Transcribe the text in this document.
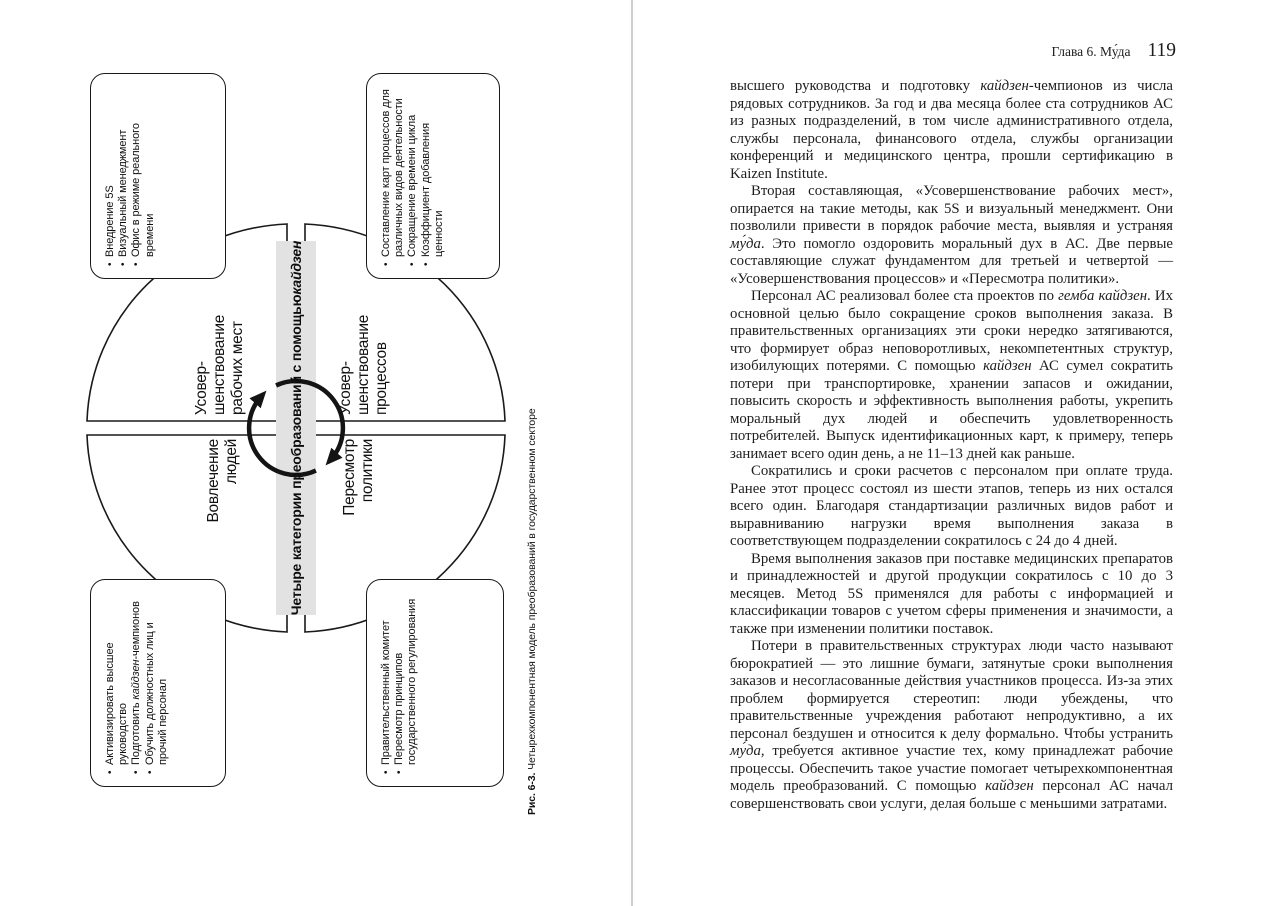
Четыре категории преобразований с помощью
кайдзен
Вовлечение
людей
Усовер-
шенствование
рабочих мест
Пересмотр
политики
Усовер-
шенствование
процессов
•
Активизировать высшее руководство
•
Подготовить кайдзен-чемпионов
•
Обучить должностных лиц и прочий персонал
•
Внедрение 5S
•
Визуальный менеджмент
•
Офис в режиме реального времени
•
Правительственный комитет
•
Пересмотр принципов государственного регулирования
•
Составление карт процессов для различных видов деятельности
•
Сокращение времени цикла
•
Коэффициент добавления ценности
Рис. 6-3. Четырехкомпонентная модель преобразований в государственном секторе
Глава 6. Му́да 119

высшего руководства и подготовку кайдзен-чемпионов из числа рядовых сотрудников. За год и два месяца более ста сотрудников АС из разных подразделений, в том числе административного отдела, службы персонала, финансового отдела, службы организации конференций и медицинского центра, прошли сертификацию в Kaizen Institute.

Вторая составляющая, «Усовершенствование рабочих мест», опирается на такие методы, как 5S и визуальный менеджмент. Они позволили привести в порядок рабочие места, выявляя и устраняя му́да. Это помогло оздоровить моральный дух в АС. Две первые составляющие служат фундаментом для третьей и четвертой — «Усовершенствования процессов» и «Пересмотра политики».

Персонал АС реализовал более ста проектов по гемба кайдзен. Их основной целью было сокращение сроков выполнения заказа. В правительственных организациях эти сроки нередко затягиваются, что формирует образ неповоротливых, некомпетентных структур, изобилующих потерями. С помощью кайдзен АС сумел сократить потери при транспортировке, хранении запасов и ожидании, повысить скорость и эффективность выполнения работы, укрепить моральный дух людей и обеспечить удовлетворенность потребителей. Выпуск идентификационных карт, к примеру, теперь занимает всего один день, а не 11–13 дней как раньше.

Сократились и сроки расчетов с персоналом при оплате труда. Ранее этот процесс состоял из шести этапов, теперь из них остался всего один. Благодаря стандартизации различных видов работ и выравниванию нагрузки время выполнения заказа в соответствующем подразделении сократилось с 24 до 4 дней.

Время выполнения заказов при поставке медицинских препаратов и принадлежностей и другой продукции сократилось с 10 до 3 месяцев. Метод 5S применялся для работы с информацией и классификации товаров с учетом сферы применения и значимости, а также при изменении политики поставок.

Потери в правительственных структурах люди часто называют бюрократией — это лишние бумаги, затянутые сроки выполнения заказов и несогласованные действия участников процесса. Из-за этих проблем формируется стереотип: люди убеждены, что правительственные учреждения работают непродуктивно, а их персонал бездушен и относится к делу формально. Чтобы устранить му́да, требуется активное участие тех, кому принадлежат рабочие процессы. Обеспечить такое участие помогает четырехкомпонентная модель преобразований. С помощью кайдзен персонал АС начал совершенствовать свои услуги, делая больше с меньшими затратами.
